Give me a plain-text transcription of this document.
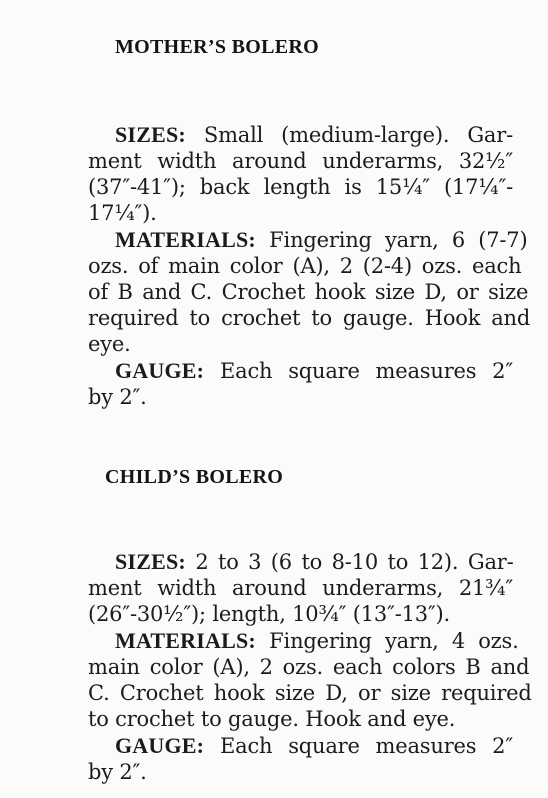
MOTHER’S BOLERO

SIZES: Small (medium-large). Gar-
ment width around underarms, 32½″
(37″-41″); back length is 15¼″ (17¼″-
17¼″).

MATERIALS: Fingering yarn, 6 (7-7)
ozs. of main color (A), 2 (2-4) ozs. each
of B and C. Crochet hook size D, or size
required to crochet to gauge. Hook and
eye.

GAUGE: Each square measures 2″
by 2″.

CHILD’S BOLERO

SIZES: 2 to 3 (6 to 8-10 to 12). Gar-
ment width around underarms, 21¾″
(26″-30½″); length, 10¾″ (13″-13″).

MATERIALS: Fingering yarn, 4 ozs.
main color (A), 2 ozs. each colors B and
C. Crochet hook size D, or size required
to crochet to gauge. Hook and eye.

GAUGE: Each square measures 2″
by 2″.
